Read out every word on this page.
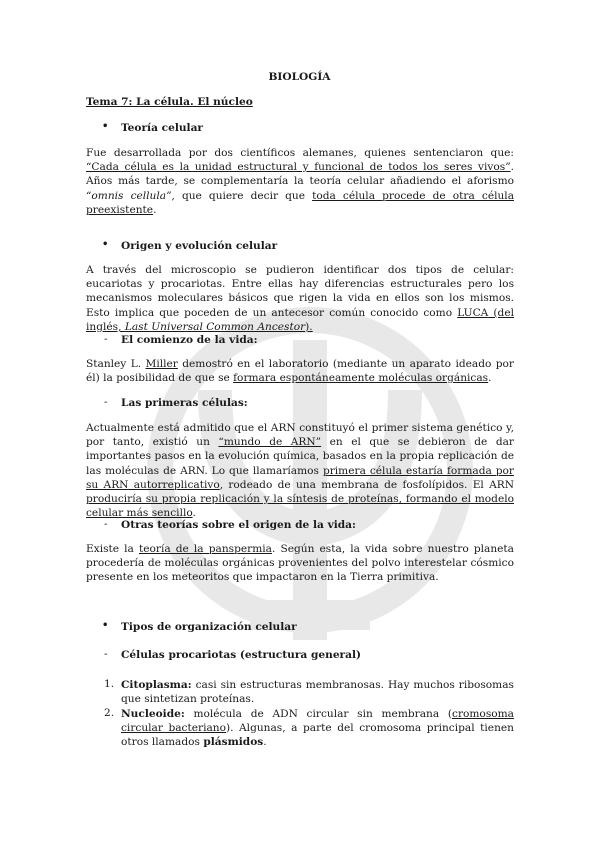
BIOLOGÍA
Tema 7: La célula. El núcleo
• Teoría celular
Fue desarrollada por dos científicos alemanes, quienes sentenciaron que: “Cada célula es la unidad estructural y funcional de todos los seres vivos”. Años más tarde, se complementaría la teoría celular añadiendo el aforismo “omnis cellula”, que quiere decir que toda célula procede de otra célula preexistente.
• Origen y evolución celular
A través del microscopio se pudieron identificar dos tipos de celular: eucariotas y procariotas. Entre ellas hay diferencias estructurales pero los mecanismos moleculares básicos que rigen la vida en ellos son los mismos. Esto implica que poceden de un antecesor común conocido como LUCA (del inglés, Last Universal Common Ancestor).
- El comienzo de la vida:
Stanley L. Miller demostró en el laboratorio (mediante un aparato ideado por él) la posibilidad de que se formara espontáneamente moléculas orgánicas.
- Las primeras células:
Actualmente está admitido que el ARN constituyó el primer sistema genético y, por tanto, existió un “mundo de ARN” en el que se debieron de dar importantes pasos en la evolución química, basados en la propia replicación de las moléculas de ARN. Lo que llamaríamos primera célula estaría formada por su ARN autorreplicativo, rodeado de una membrana de fosfolípidos. El ARN produciría su propia replicación y la síntesis de proteínas, formando el modelo celular más sencillo.
- Otras teorías sobre el origen de la vida:
Existe la teoría de la panspermia. Según esta, la vida sobre nuestro planeta procedería de moléculas orgánicas provenientes del polvo interestelar cósmico presente en los meteoritos que impactaron en la Tierra primitiva.
• Tipos de organización celular
- Células procariotas (estructura general)
1. Citoplasma: casi sin estructuras membranosas. Hay muchos ribosomas que sintetizan proteínas.
2. Nucleoide: molécula de ADN circular sin membrana (cromosoma circular bacteriano). Algunas, a parte del cromosoma principal tienen otros llamados plásmidos.
